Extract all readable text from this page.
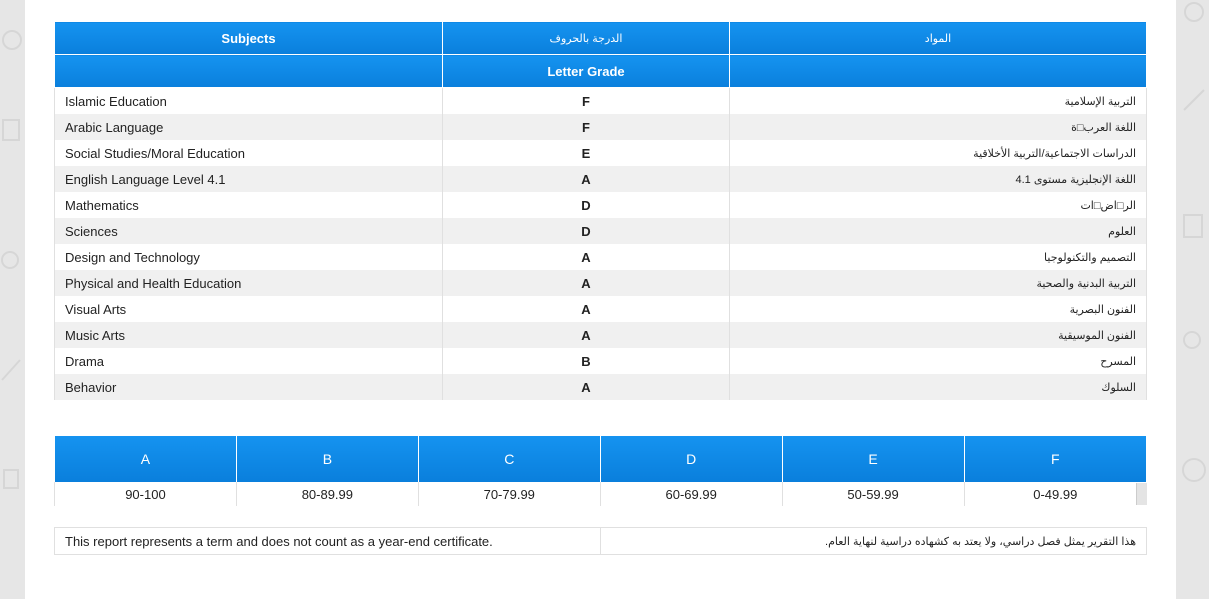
Subjects	الدرجة بالحروف	المواد
	Letter Grade	
Islamic Education	F	التربية الإسلامية
Arabic Language	F	اللغة العرب□ة
Social Studies/Moral Education	E	الدراسات الاجتماعية/التربية الأخلاقية
English Language Level 4.1	A	اللغة الإنجليزية مستوى 4.1
Mathematics	D	الر□اض□ات
Sciences	D	العلوم
Design and Technology	A	التصميم والتكنولوجيا
Physical and Health Education	A	التربية البدنية والصحية
Visual Arts	A	الفنون البصرية
Music Arts	A	الفنون الموسيقية
Drama	B	المسرح
Behavior	A	السلوك
A	B	C	D	E	F
90-100	80-89.99	70-79.99	60-69.99	50-59.99	0-49.99
This report represents a term and does not count as a year-end certificate.	هذا التقرير يمثل فصل دراسي، ولا يعتد به كشهاده دراسية لنهاية العام.
